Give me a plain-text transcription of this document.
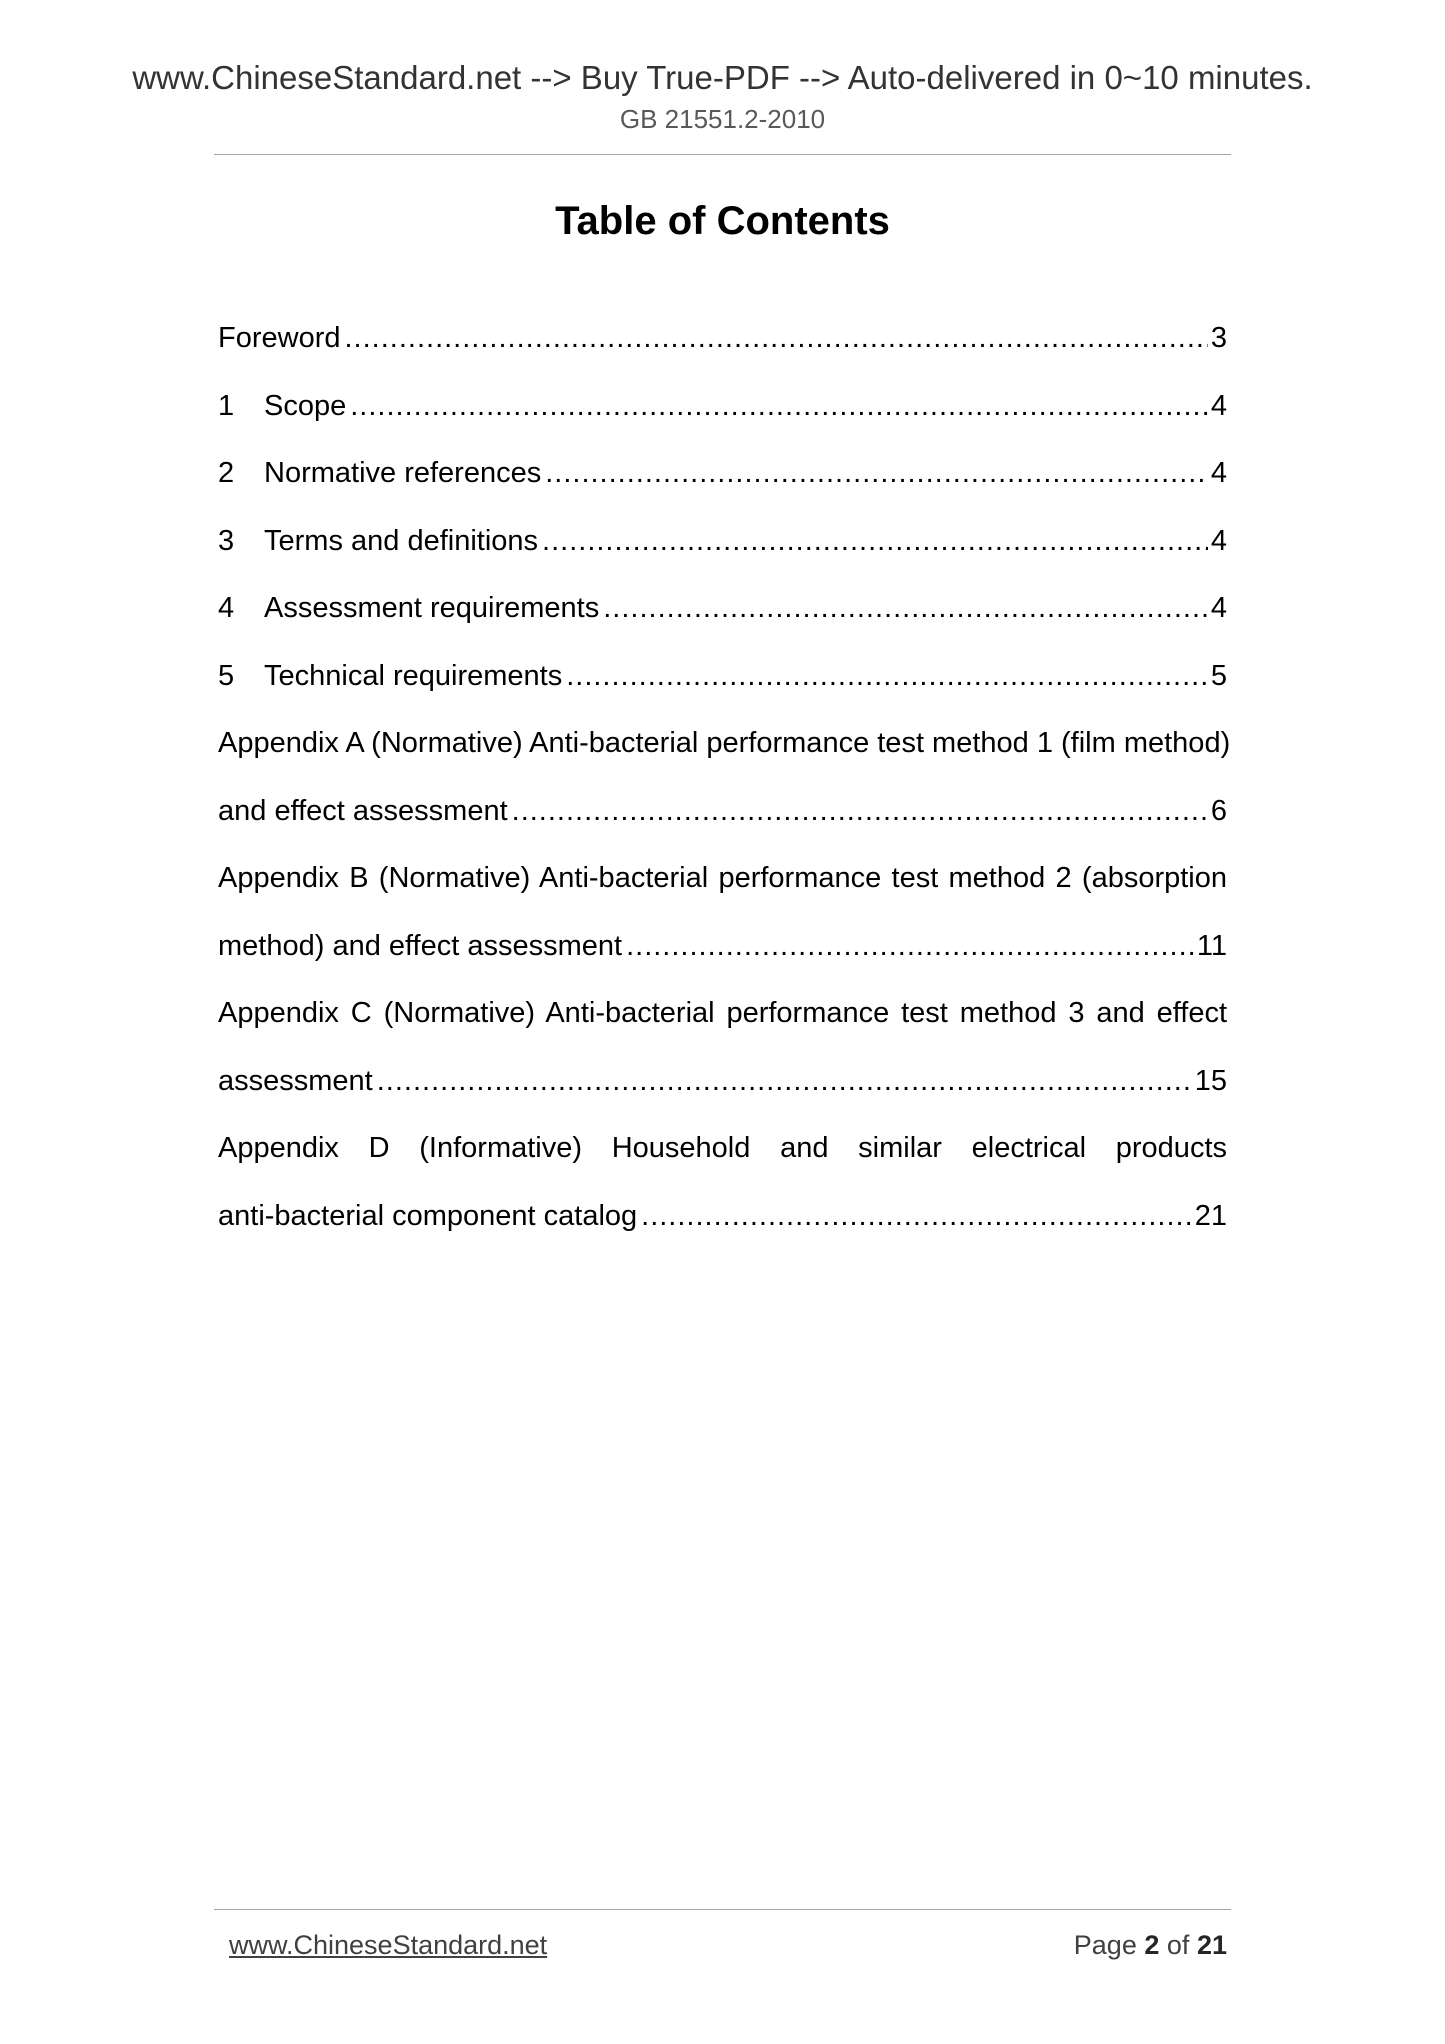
www.ChineseStandard.net --> Buy True-PDF --> Auto-delivered in 0~10 minutes.
GB 21551.2-2010
Table of Contents
Foreword .....	3
1	Scope .....	4
2	Normative references .....	4
3	Terms and definitions .....	4
4	Assessment requirements .....	4
5	Technical requirements .....	5
Appendix A (Normative) Anti-bacterial performance test method 1 (film method)
and effect assessment .....	6
Appendix B (Normative) Anti-bacterial performance test method 2 (absorption
method) and effect assessment .....	11
Appendix C (Normative) Anti-bacterial performance test method 3 and effect
assessment .....	15
Appendix D (Informative) Household and similar electrical products
anti-bacterial component catalog .....	21
www.ChineseStandard.net	Page 2 of 21
